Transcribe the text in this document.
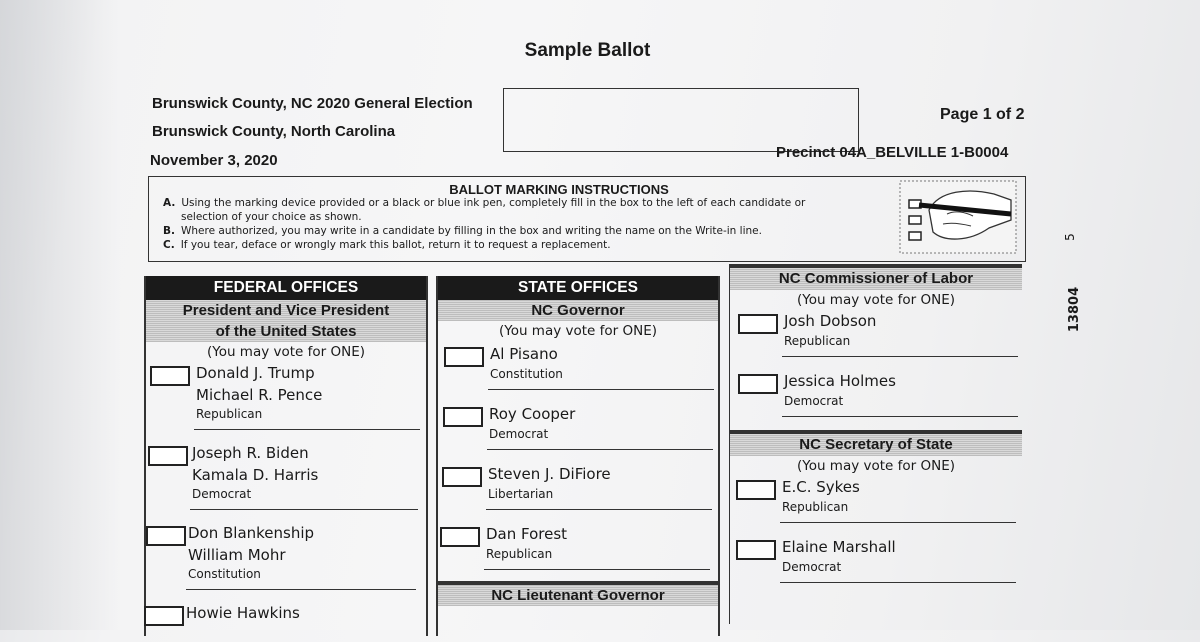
Sample Ballot
Brunswick County, NC 2020 General Election
Brunswick County, North Carolina
November 3, 2020
Page 1 of 2
Precinct 04A_BELVILLE 1-B0004
BALLOT MARKING INSTRUCTIONS
A. Using the marking device provided or a black or blue ink pen, completely fill in the box to the left of each candidate or
selection of your choice as shown.
B. Where authorized, you may write in a candidate by filling in the box and writing the name on the Write-in line.
C. If you tear, deface or wrongly mark this ballot, return it to request a replacement.
FEDERAL OFFICES
President and Vice President
of the United States
(You may vote for ONE)
Donald J. Trump
Michael R. Pence
Republican
Joseph R. Biden
Kamala D. Harris
Democrat
Don Blankenship
William Mohr
Constitution
Howie Hawkins
STATE OFFICES
NC Governor
(You may vote for ONE)
Al Pisano
Constitution
Roy Cooper
Democrat
Steven J. DiFiore
Libertarian
Dan Forest
Republican
NC Lieutenant Governor
NC Commissioner of Labor
(You may vote for ONE)
Josh Dobson
Republican
Jessica Holmes
Democrat
NC Secretary of State
(You may vote for ONE)
E.C. Sykes
Republican
Elaine Marshall
Democrat
13804
5
